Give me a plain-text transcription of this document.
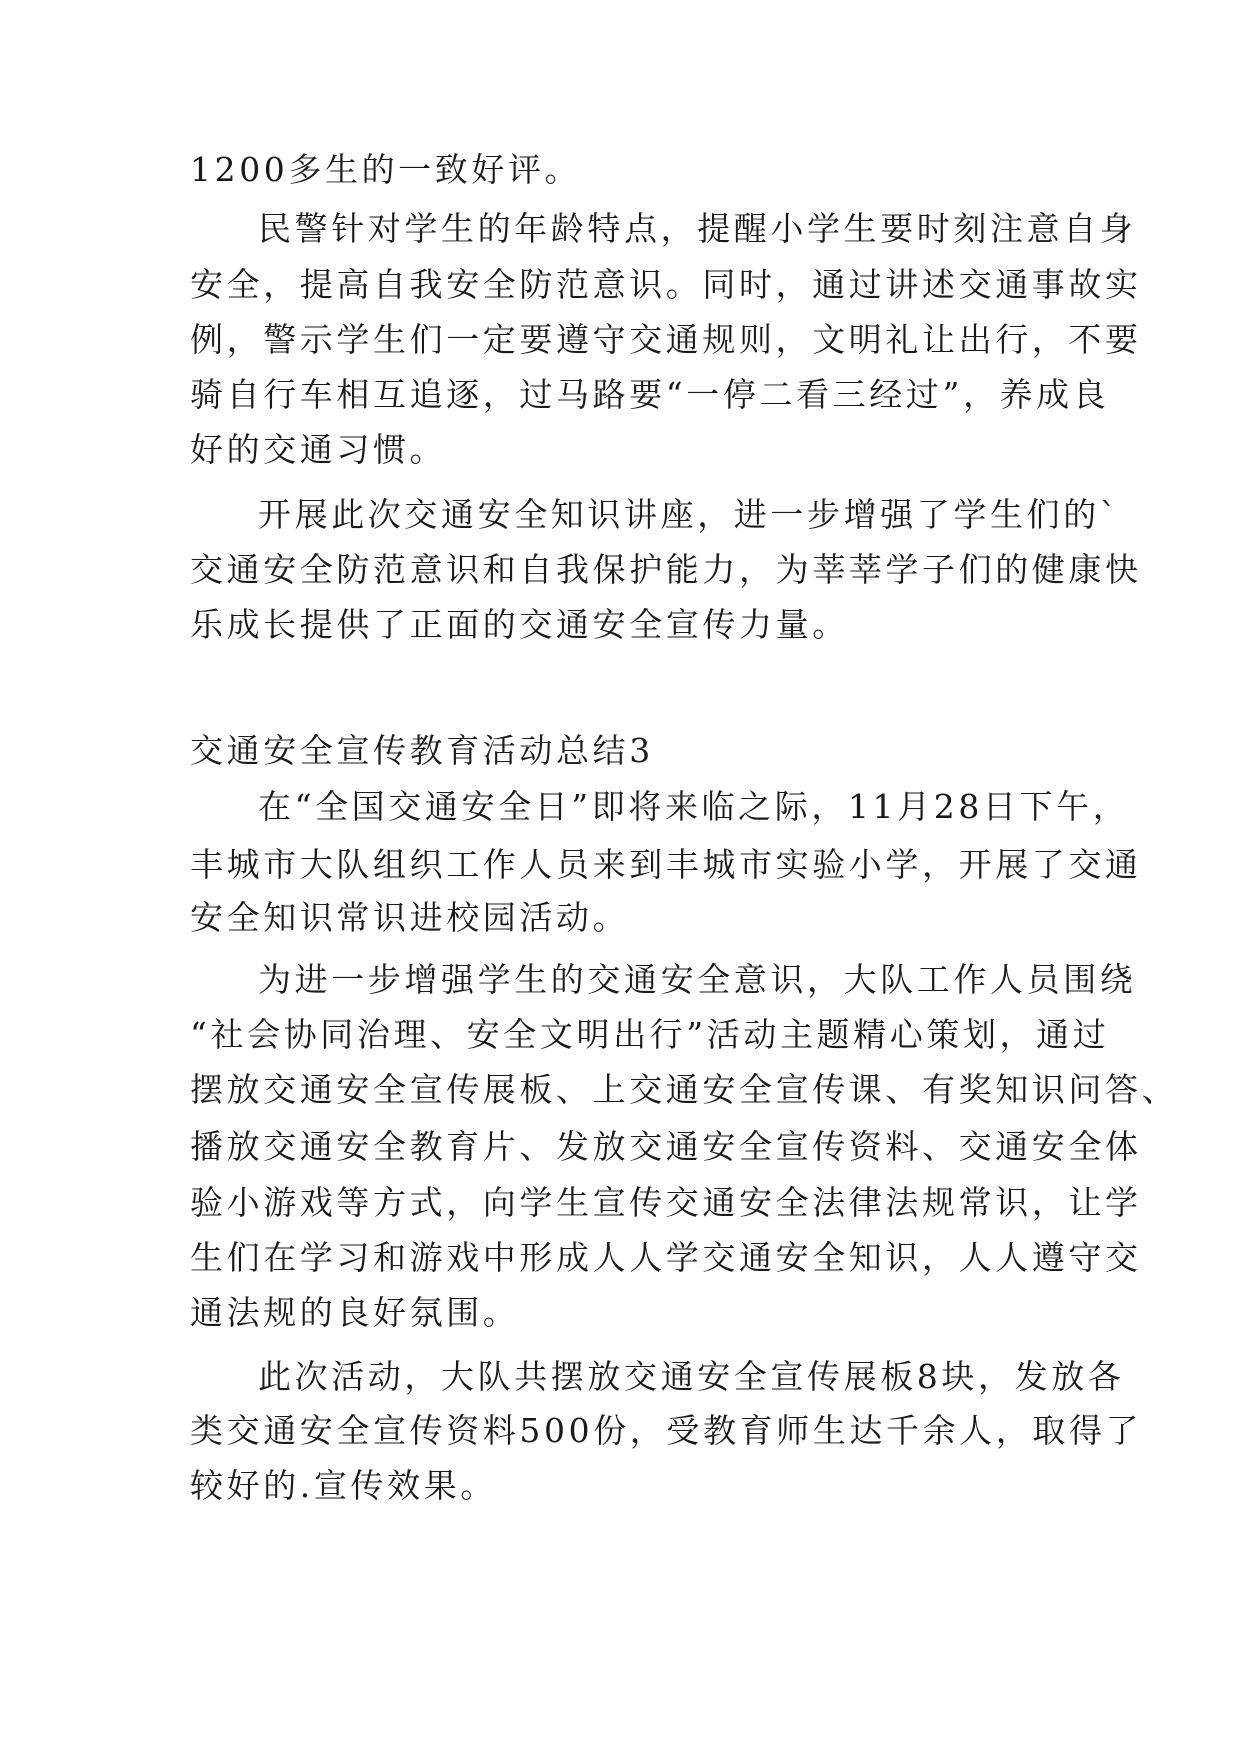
1200多生的一致好评。
民警针对学生的年龄特点，提醒小学生要时刻注意自身
安全，提高自我安全防范意识。同时，通过讲述交通事故实
例，警示学生们一定要遵守交通规则，文明礼让出行，不要
骑自行车相互追逐，过马路要“一停二看三经过”，养成良
好的交通习惯。
开展此次交通安全知识讲座，进一步增强了学生们的`
交通安全防范意识和自我保护能力，为莘莘学子们的健康快
乐成长提供了正面的交通安全宣传力量。
交通安全宣传教育活动总结3
在“全国交通安全日”即将来临之际，11月28日下午，
丰城市大队组织工作人员来到丰城市实验小学，开展了交通
安全知识常识进校园活动。
为进一步增强学生的交通安全意识，大队工作人员围绕
“社会协同治理、安全文明出行”活动主题精心策划，通过
摆放交通安全宣传展板、上交通安全宣传课、有奖知识问答、
播放交通安全教育片、发放交通安全宣传资料、交通安全体
验小游戏等方式，向学生宣传交通安全法律法规常识，让学
生们在学习和游戏中形成人人学交通安全知识，人人遵守交
通法规的良好氛围。
此次活动，大队共摆放交通安全宣传展板8块，发放各
类交通安全宣传资料500份，受教育师生达千余人，取得了
较好的.宣传效果。
